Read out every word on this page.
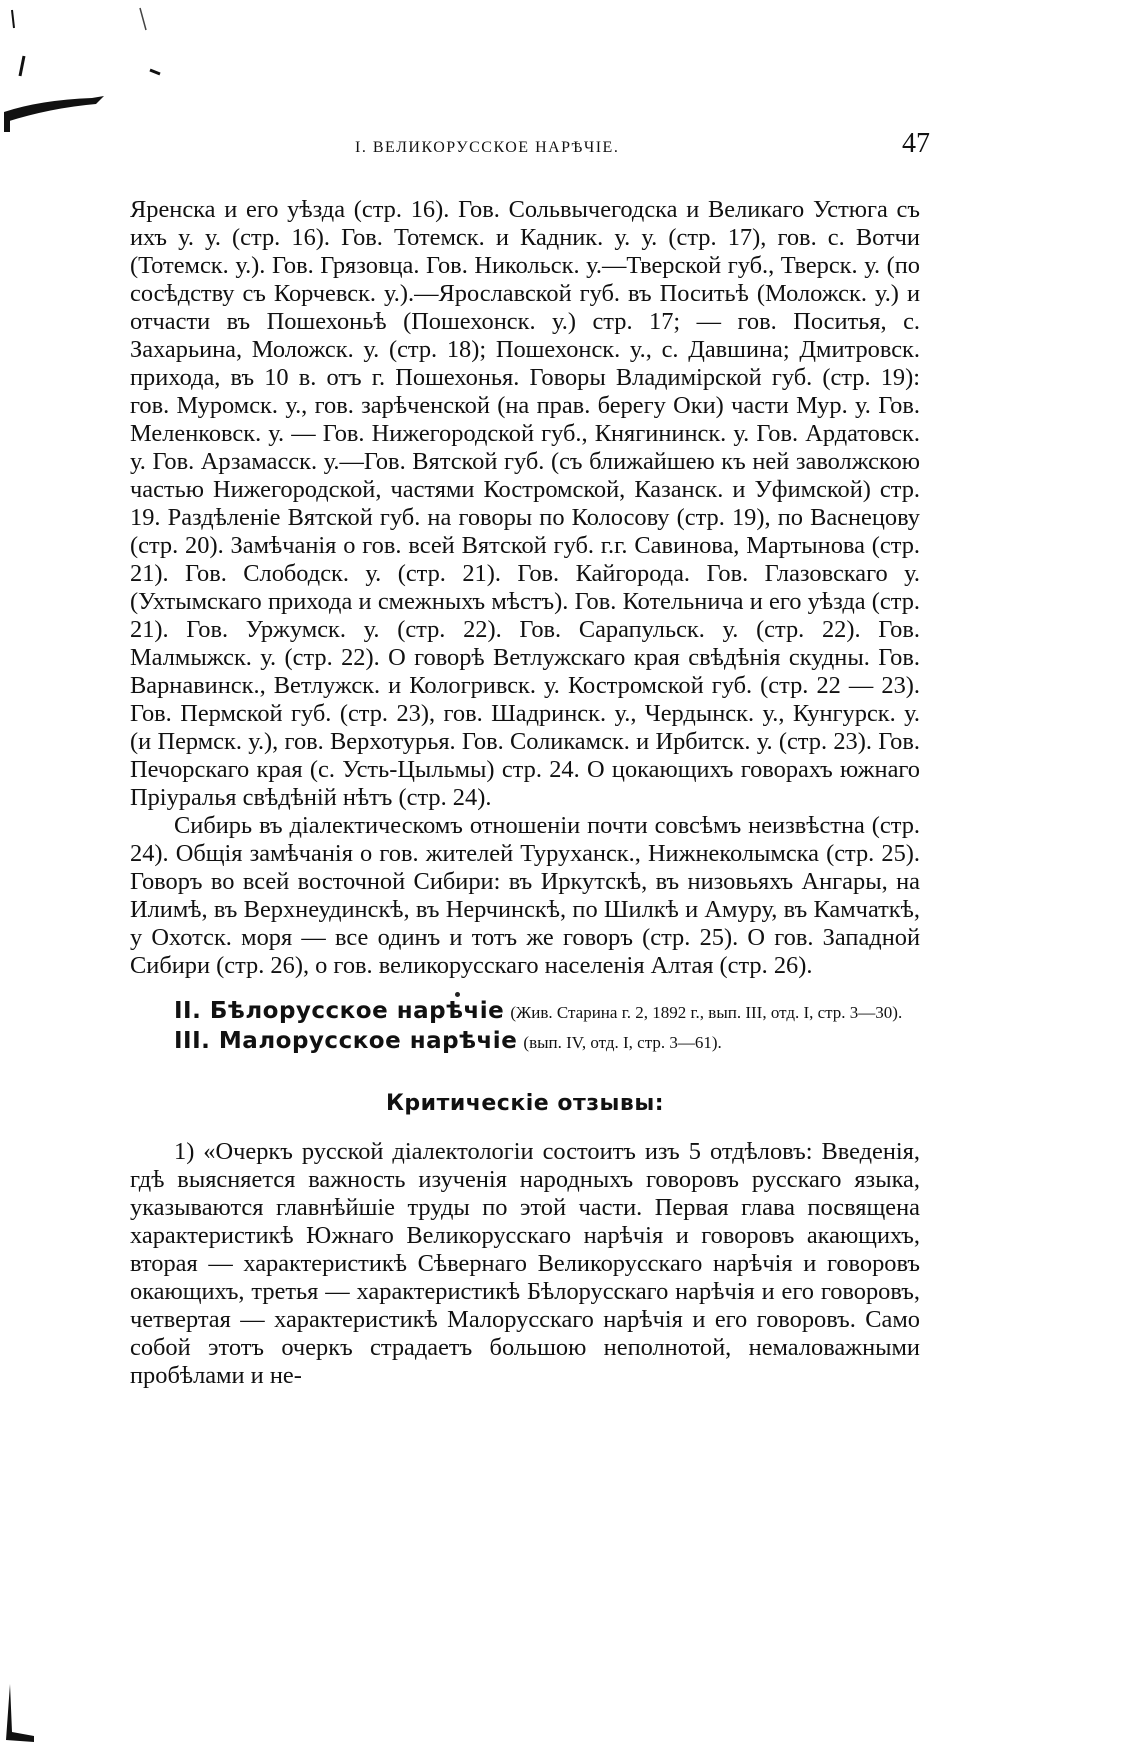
I. ВЕЛИКОРУССКОЕ НАРѢЧІЕ.	47

Яренска и его уѣзда (стр. 16). Гов. Сольвычегодска и Великаго Устюга съ ихъ у. у. (стр. 16). Гов. Тотемск. и Кадник. у. у. (стр. 17), гов. с. Вотчи (Тотемск. у.). Гов. Грязовца. Гов. Никольск. у.—Тверской губ., Тверск. у. (по сосѣдству съ Корчевск. у.).—Ярославской губ. въ Поситьѣ (Моложск. у.) и отчасти въ Пошехоньѣ (Пошехонск. у.) стр. 17; — гов. Поситья, с. Захарьина, Моложск. у. (стр. 18); Пошехонск. у., с. Давшина; Дмитровск. прихода, въ 10 в. отъ г. Пошехонья. Говоры Владимірской губ. (стр. 19): гов. Муромск. у., гов. зарѣченской (на прав. берегу Оки) части Мур. у. Гов. Меленковск. у. — Гов. Нижегородской губ., Княгининск. у. Гов. Ардатовск. у. Гов. Арзамасск. у.—Гов. Вятской губ. (съ ближайшею къ ней заволжскою частью Нижегородской, частями Костромской, Казанск. и Уфимской) стр. 19. Раздѣленіе Вятской губ. на говоры по Колосову (стр. 19), по Васнецову (стр. 20). Замѣчанія о гов. всей Вятской губ. г.г. Савинова, Мартынова (стр. 21). Гов. Слободск. у. (стр. 21). Гов. Кайгорода. Гов. Глазовскаго у. (Ухтымскаго прихода и смежныхъ мѣстъ). Гов. Котельнича и его уѣзда (стр. 21). Гов. Уржумск. у. (стр. 22). Гов. Сарапульск. у. (стр. 22). Гов. Малмыжск. у. (стр. 22). О говорѣ Ветлужскаго края свѣдѣнія скудны. Гов. Варнавинск., Ветлужск. и Кологривск. у. Костромской губ. (стр. 22 — 23). Гов. Пермской губ. (стр. 23), гов. Шадринск. у., Чердынск. у., Кунгурск. у. (и Пермск. у.), гов. Верхотурья. Гов. Соликамск. и Ирбитск. у. (стр. 23). Гов. Печорскаго края (с. Усть-Цыльмы) стр. 24. О цокающихъ говорахъ южнаго Пріуралья свѣдѣній нѣтъ (стр. 24).

Сибирь въ діалектическомъ отношеніи почти совсѣмъ неизвѣстна (стр. 24). Общія замѣчанія о гов. жителей Туруханск., Нижнеколымска (стр. 25). Говоръ во всей восточной Сибири: въ Иркутскѣ, въ низовьяхъ Ангары, на Илимѣ, въ Верхнеудинскѣ, въ Нерчинскѣ, по Шилкѣ и Амуру, въ Камчаткѣ, у Охотск. моря — все одинъ и тотъ же говоръ (стр. 25). О гов. Западной Сибири (стр. 26), о гов. великорусскаго населенія Алтая (стр. 26).

II. Бѣлорусское нарѣчіе (Жив. Старина г. 2, 1892 г., вып. III, отд. I, стр. 3—30).

III. Малорусское нарѣчіе (вып. IV, отд. I, стр. 3—61).

Критическіе отзывы:

1) «Очеркъ русской діалектологіи состоитъ изъ 5 отдѣловъ: Введенія, гдѣ выясняется важность изученія народныхъ говоровъ русскаго языка, указываются главнѣйшіе труды по этой части. Первая глава посвящена характеристикѣ Южнаго Великорусскаго нарѣчія и говоровъ акающихъ, вторая — характеристикѣ Сѣвернаго Великорусскаго нарѣчія и говоровъ окающихъ, третья — характеристикѣ Бѣлорусскаго нарѣчія и его говоровъ, четвертая — характеристикѣ Малорусскаго нарѣчія и его говоровъ. Само собой этотъ очеркъ страдаетъ большою неполнотой, немаловажными пробѣлами и не-
